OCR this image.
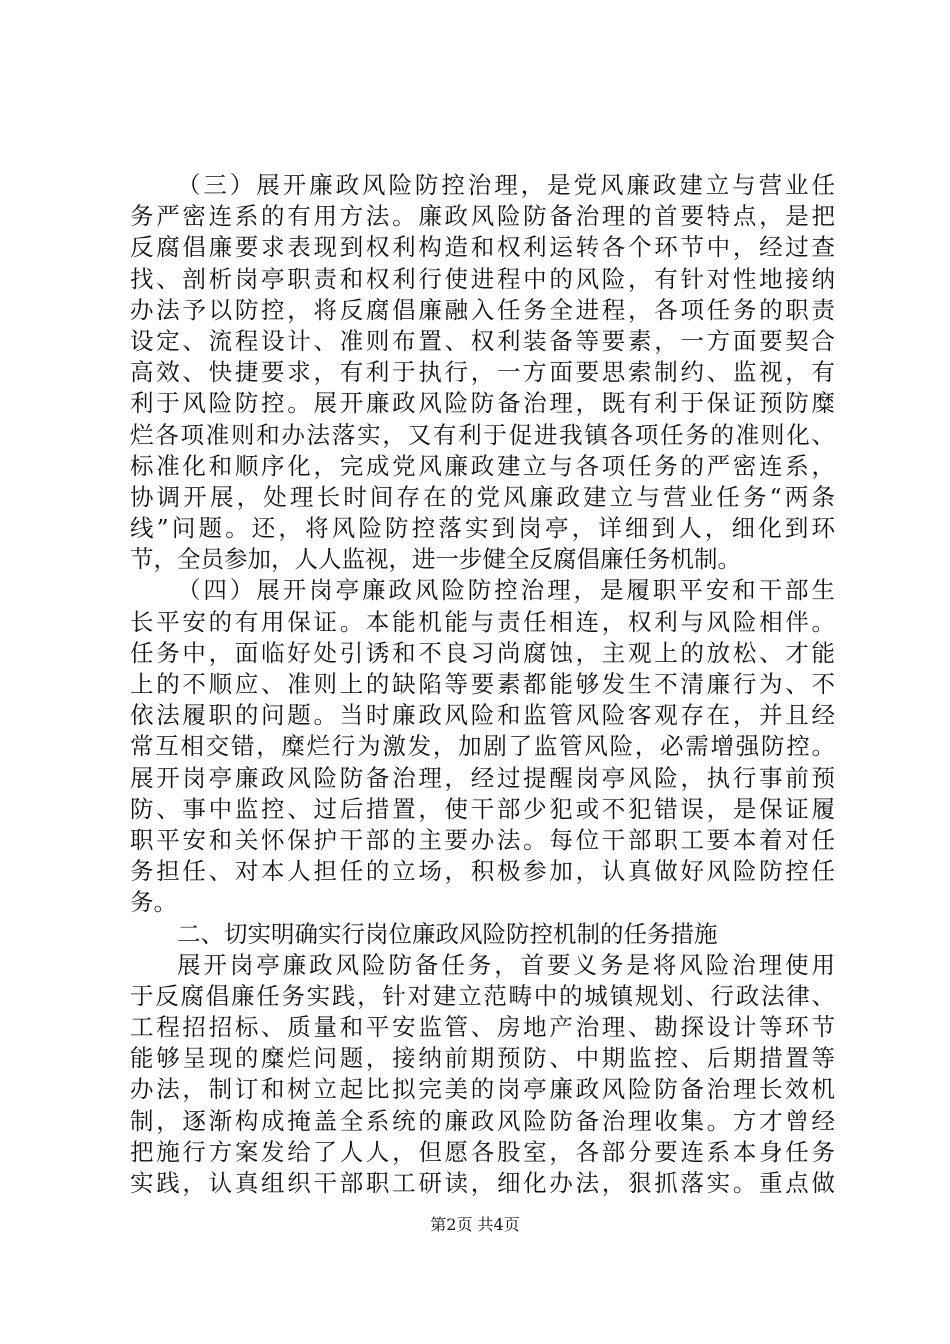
（三）展开廉政风险防控治理，是党风廉政建立与营业任
务严密连系的有用方法。廉政风险防备治理的首要特点，是把
反腐倡廉要求表现到权利构造和权利运转各个环节中，经过查
找、剖析岗亭职责和权利行使进程中的风险，有针对性地接纳
办法予以防控，将反腐倡廉融入任务全进程，各项任务的职责
设定、流程设计、准则布置、权利装备等要素，一方面要契合
高效、快捷要求，有利于执行，一方面要思索制约、监视，有
利于风险防控。展开廉政风险防备治理，既有利于保证预防糜
烂各项准则和办法落实，又有利于促进我镇各项任务的准则化、
标准化和顺序化，完成党风廉政建立与各项任务的严密连系，
协调开展，处理长时间存在的党风廉政建立与营业任务“两条
线”问题。还，将风险防控落实到岗亭，详细到人，细化到环
节，全员参加，人人监视，进一步健全反腐倡廉任务机制。
（四）展开岗亭廉政风险防控治理，是履职平安和干部生
长平安的有用保证。本能机能与责任相连，权利与风险相伴。
任务中，面临好处引诱和不良习尚腐蚀，主观上的放松、才能
上的不顺应、准则上的缺陷等要素都能够发生不清廉行为、不
依法履职的问题。当时廉政风险和监管风险客观存在，并且经
常互相交错，糜烂行为激发，加剧了监管风险，必需增强防控。
展开岗亭廉政风险防备治理，经过提醒岗亭风险，执行事前预
防、事中监控、过后措置，使干部少犯或不犯错误，是保证履
职平安和关怀保护干部的主要办法。每位干部职工要本着对任
务担任、对本人担任的立场，积极参加，认真做好风险防控任
务。
二、切实明确实行岗位廉政风险防控机制的任务措施
展开岗亭廉政风险防备任务，首要义务是将风险治理使用
于反腐倡廉任务实践，针对建立范畴中的城镇规划、行政法律、
工程招招标、质量和平安监管、房地产治理、勘探设计等环节
能够呈现的糜烂问题，接纳前期预防、中期监控、后期措置等
办法，制订和树立起比拟完美的岗亭廉政风险防备治理长效机
制，逐渐构成掩盖全系统的廉政风险防备治理收集。方才曾经
把施行方案发给了人人，但愿各股室，各部分要连系本身任务
实践，认真组织干部职工研读，细化办法，狠抓落实。重点做
第2页 共4页
